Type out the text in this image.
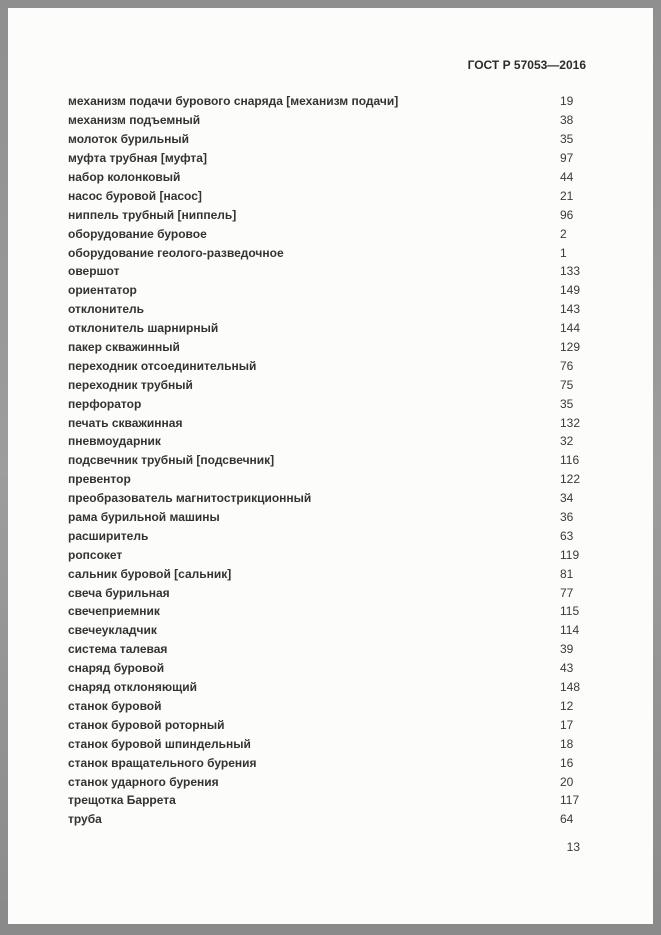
ГОСТ Р 57053—2016
механизм подачи бурового снаряда [механизм подачи]	19
механизм подъемный	38
молоток бурильный	35
муфта трубная [муфта]	97
набор колонковый	44
насос буровой [насос]	21
ниппель трубный [ниппель]	96
оборудование буровое	2
оборудование геолого-разведочное	1
овершот	133
ориентатор	149
отклонитель	143
отклонитель шарнирный	144
пакер скважинный	129
переходник отсоединительный	76
переходник трубный	75
перфоратор	35
печать скважинная	132
пневмоударник	32
подсвечник трубный [подсвечник]	116
превентор	122
преобразователь магнитострикционный	34
рама бурильной машины	36
расширитель	63
ропсокет	119
сальник буровой [сальник]	81
свеча бурильная	77
свечеприемник	115
свечеукладчик	114
система талевая	39
снаряд буровой	43
снаряд отклоняющий	148
станок буровой	12
станок буровой роторный	17
станок буровой шпиндельный	18
станок вращательного бурения	16
станок ударного бурения	20
трещотка Баррета	117
труба	64
13
